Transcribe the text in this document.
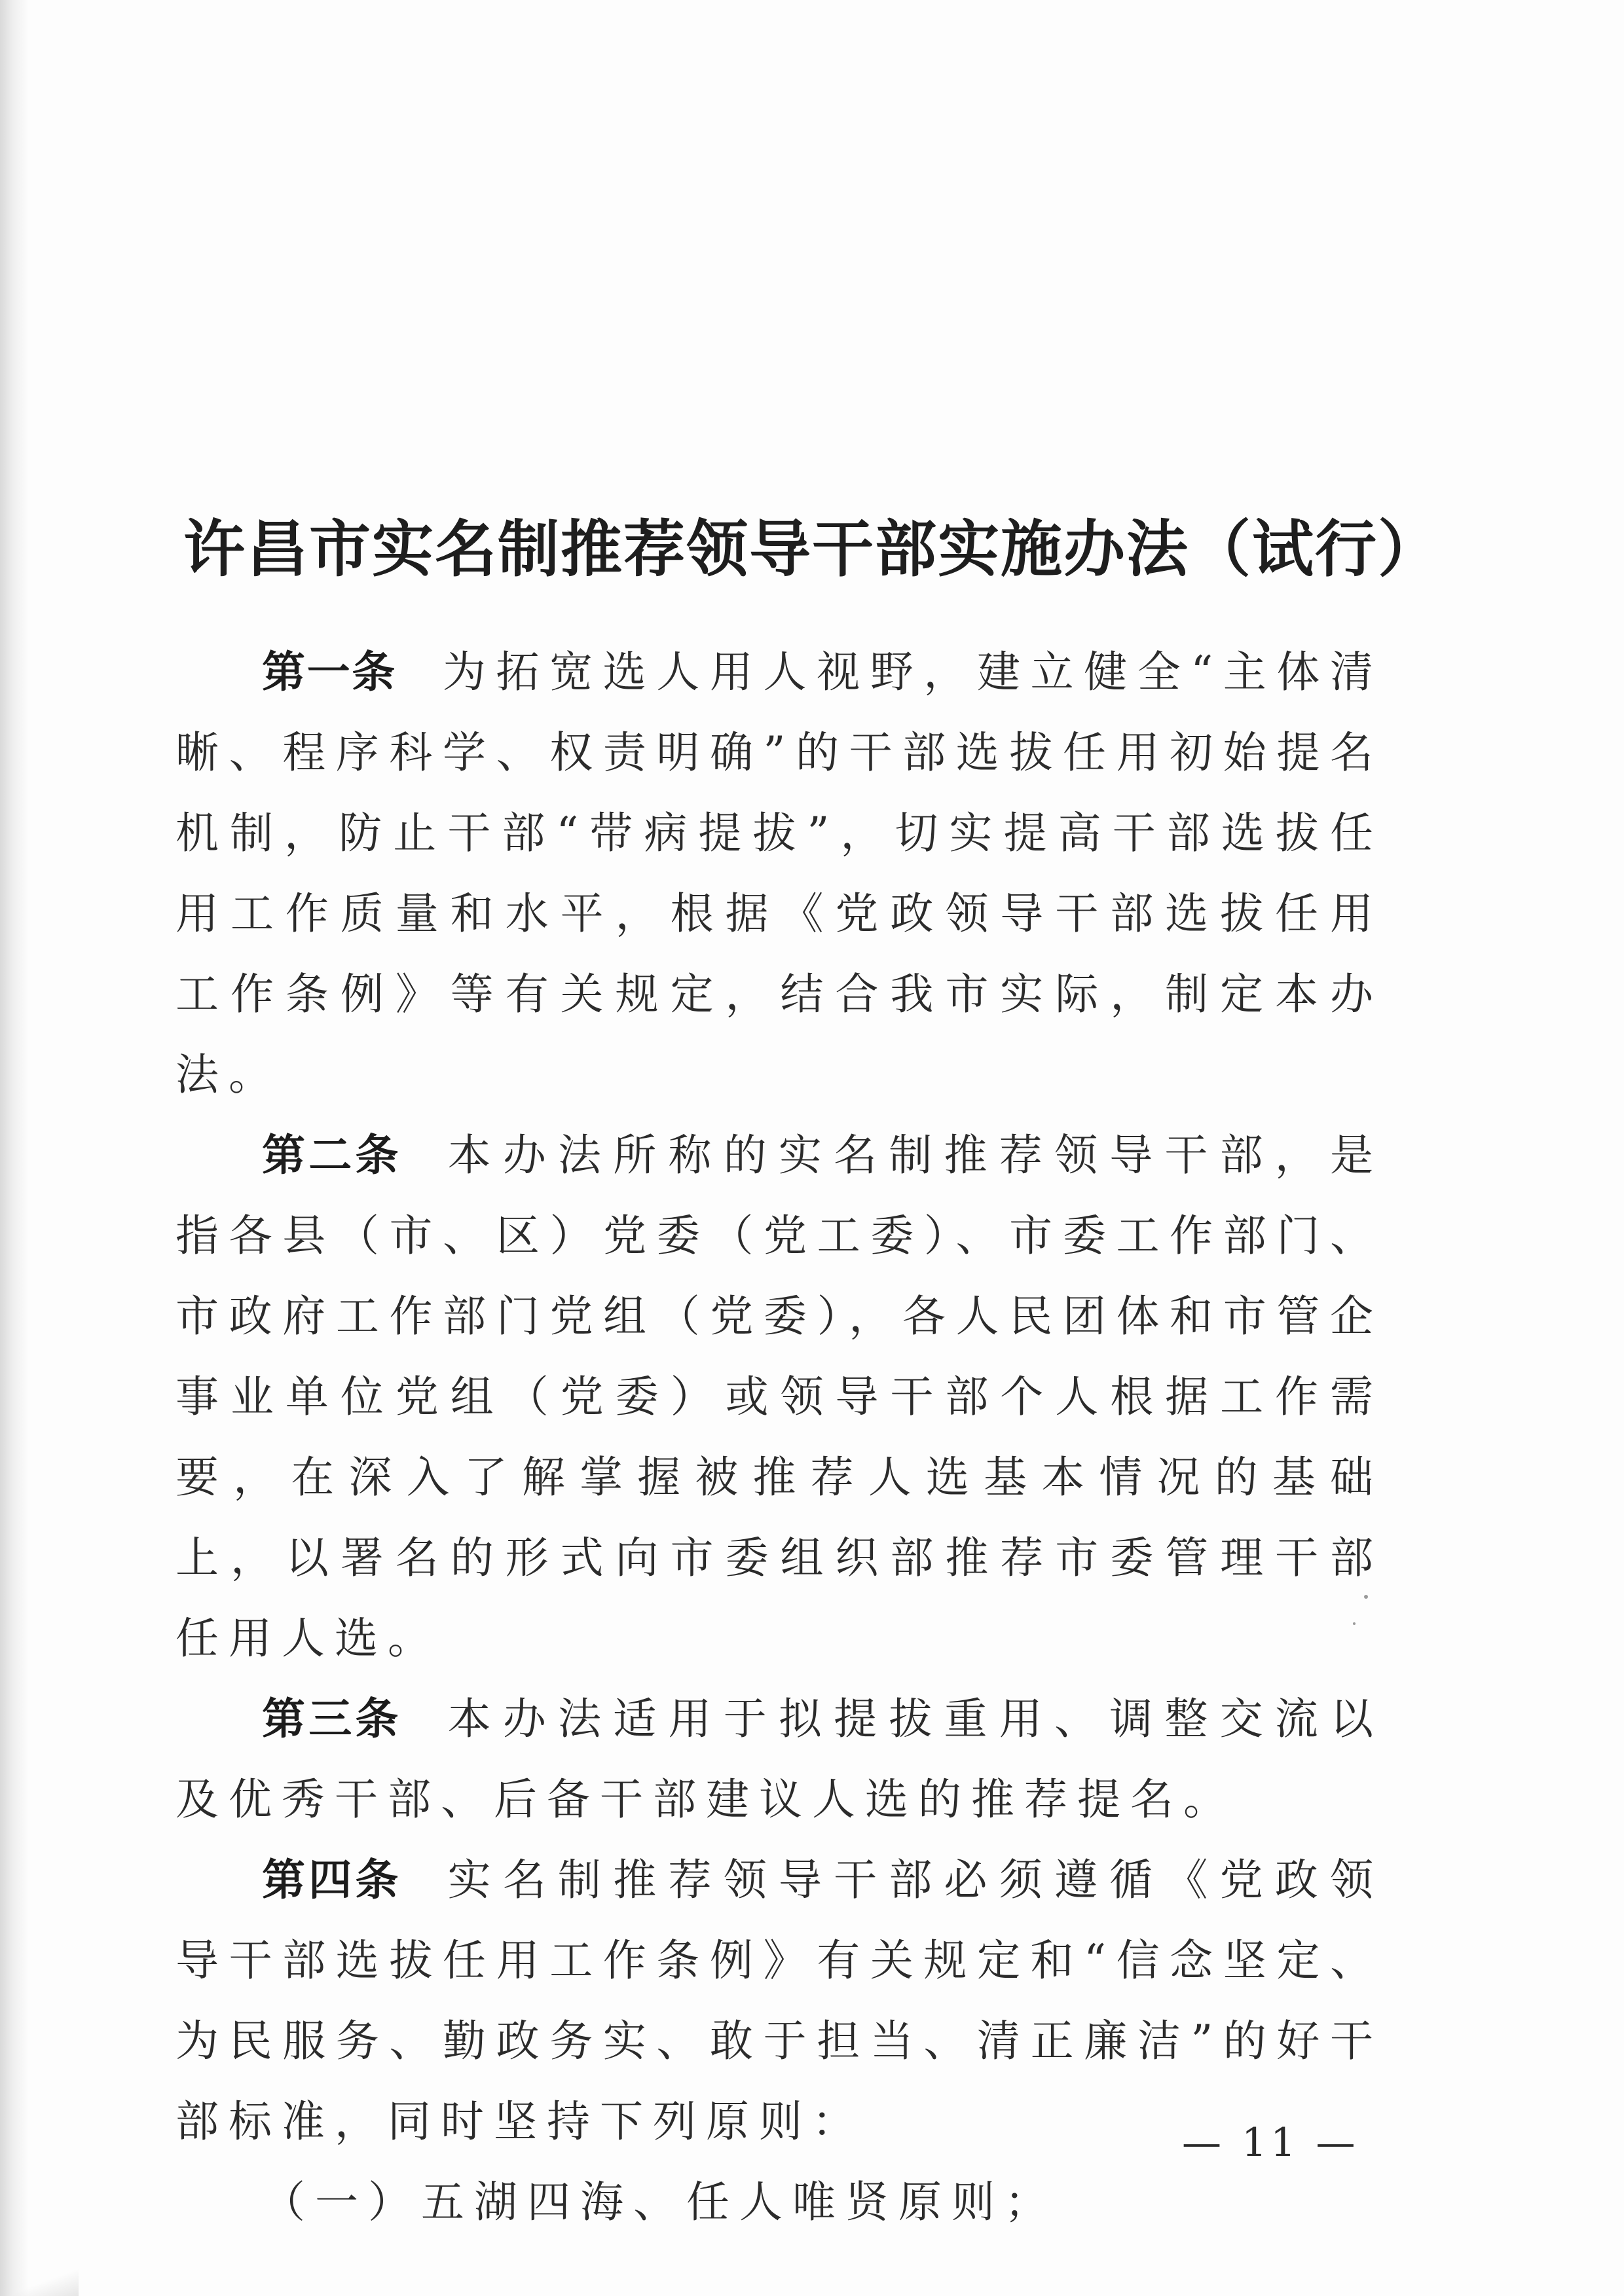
许昌市实名制推荐领导干部实施办法（试行）

第一条 为拓宽选人用人视野，建立健全“主体清晰、程序科学、权责明确”的干部选拔任用初始提名机制，防止干部“带病提拔”，切实提高干部选拔任用工作质量和水平，根据《党政领导干部选拔任用工作条例》等有关规定，结合我市实际，制定本办法。

第二条 本办法所称的实名制推荐领导干部，是指各县（市、区）党委（党工委）、市委工作部门、市政府工作部门党组（党委），各人民团体和市管企事业单位党组（党委）或领导干部个人根据工作需要，在深入了解掌握被推荐人选基本情况的基础上，以署名的形式向市委组织部推荐市委管理干部任用人选。

第三条 本办法适用于拟提拔重用、调整交流以及优秀干部、后备干部建议人选的推荐提名。

第四条 实名制推荐领导干部必须遵循《党政领导干部选拔任用工作条例》有关规定和“信念坚定、为民服务、勤政务实、敢于担当、清正廉洁”的好干部标准，同时坚持下列原则：

（一）五湖四海、任人唯贤原则；

— 11 —
